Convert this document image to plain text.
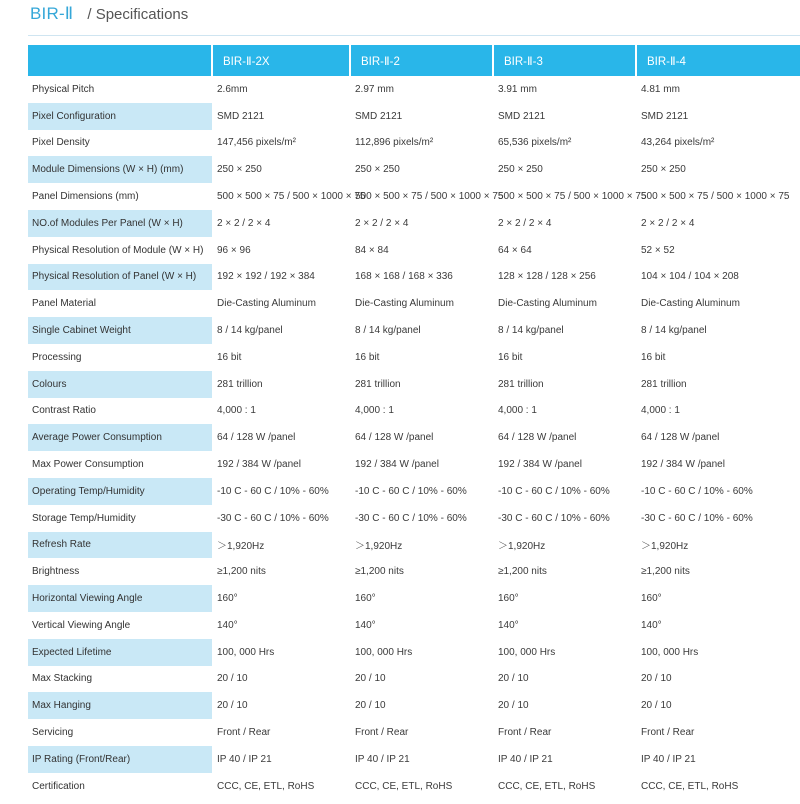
BIR-Ⅱ / Specifications
	BIR-Ⅱ-2X	BIR-Ⅱ-2	BIR-Ⅱ-3	BIR-Ⅱ-4
Physical Pitch	2.6mm	2.97 mm	3.91 mm	4.81 mm
Pixel Configuration	SMD 2121	SMD 2121	SMD 2121	SMD 2121
Pixel Density	147,456 pixels/m²	112,896 pixels/m²	65,536 pixels/m²	43,264 pixels/m²
Module Dimensions (W × H) (mm)	250 × 250	250 × 250	250 × 250	250 × 250
Panel Dimensions (mm)	500 × 500 × 75 / 500 × 1000 × 75	500 × 500 × 75 / 500 × 1000 × 75	500 × 500 × 75 / 500 × 1000 × 75	500 × 500 × 75 / 500 × 1000 × 75
NO.of Modules Per Panel (W × H)	2 × 2 / 2 × 4	2 × 2 / 2 × 4	2 × 2 / 2 × 4	2 × 2 / 2 × 4
Physical Resolution of Module (W × H)	96 × 96	84 × 84	64 × 64	52 × 52
Physical Resolution of Panel (W × H)	192 × 192 / 192 × 384	168 × 168 / 168 × 336	128 × 128 / 128 × 256	104 × 104 / 104 × 208
Panel Material	Die-Casting Aluminum	Die-Casting Aluminum	Die-Casting Aluminum	Die-Casting Aluminum
Single Cabinet Weight	8 / 14 kg/panel	8 / 14 kg/panel	8 / 14 kg/panel	8 / 14 kg/panel
Processing	16 bit	16 bit	16 bit	16 bit
Colours	281 trillion	281 trillion	281 trillion	281 trillion
Contrast Ratio	4,000 : 1	4,000 : 1	4,000 : 1	4,000 : 1
Average Power Consumption	64 / 128 W /panel	64 / 128 W /panel	64 / 128 W /panel	64 / 128 W /panel
Max Power Consumption	192 / 384 W /panel	192 / 384 W /panel	192 / 384 W /panel	192 / 384 W /panel
Operating Temp/Humidity	-10 C - 60 C / 10% - 60%	-10 C - 60 C / 10% - 60%	-10 C - 60 C / 10% - 60%	-10 C - 60 C / 10% - 60%
Storage Temp/Humidity	-30 C - 60 C / 10% - 60%	-30 C - 60 C / 10% - 60%	-30 C - 60 C / 10% - 60%	-30 C - 60 C / 10% - 60%
Refresh Rate	＞1,920Hz	＞1,920Hz	＞1,920Hz	＞1,920Hz
Brightness	≥1,200 nits	≥1,200 nits	≥1,200 nits	≥1,200 nits
Horizontal Viewing Angle	160°	160°	160°	160°
Vertical Viewing Angle	140°	140°	140°	140°
Expected Lifetime	100, 000 Hrs	100, 000 Hrs	100, 000 Hrs	100, 000 Hrs
Max Stacking	20 / 10	20 / 10	20 / 10	20 / 10
Max Hanging	20 / 10	20 / 10	20 / 10	20 / 10
Servicing	Front / Rear	Front / Rear	Front / Rear	Front / Rear
IP Rating (Front/Rear)	IP 40 / IP 21	IP 40 / IP 21	IP 40 / IP 21	IP 40 / IP 21
Certification	CCC, CE, ETL, RoHS	CCC, CE, ETL, RoHS	CCC, CE, ETL, RoHS	CCC, CE, ETL, RoHS
